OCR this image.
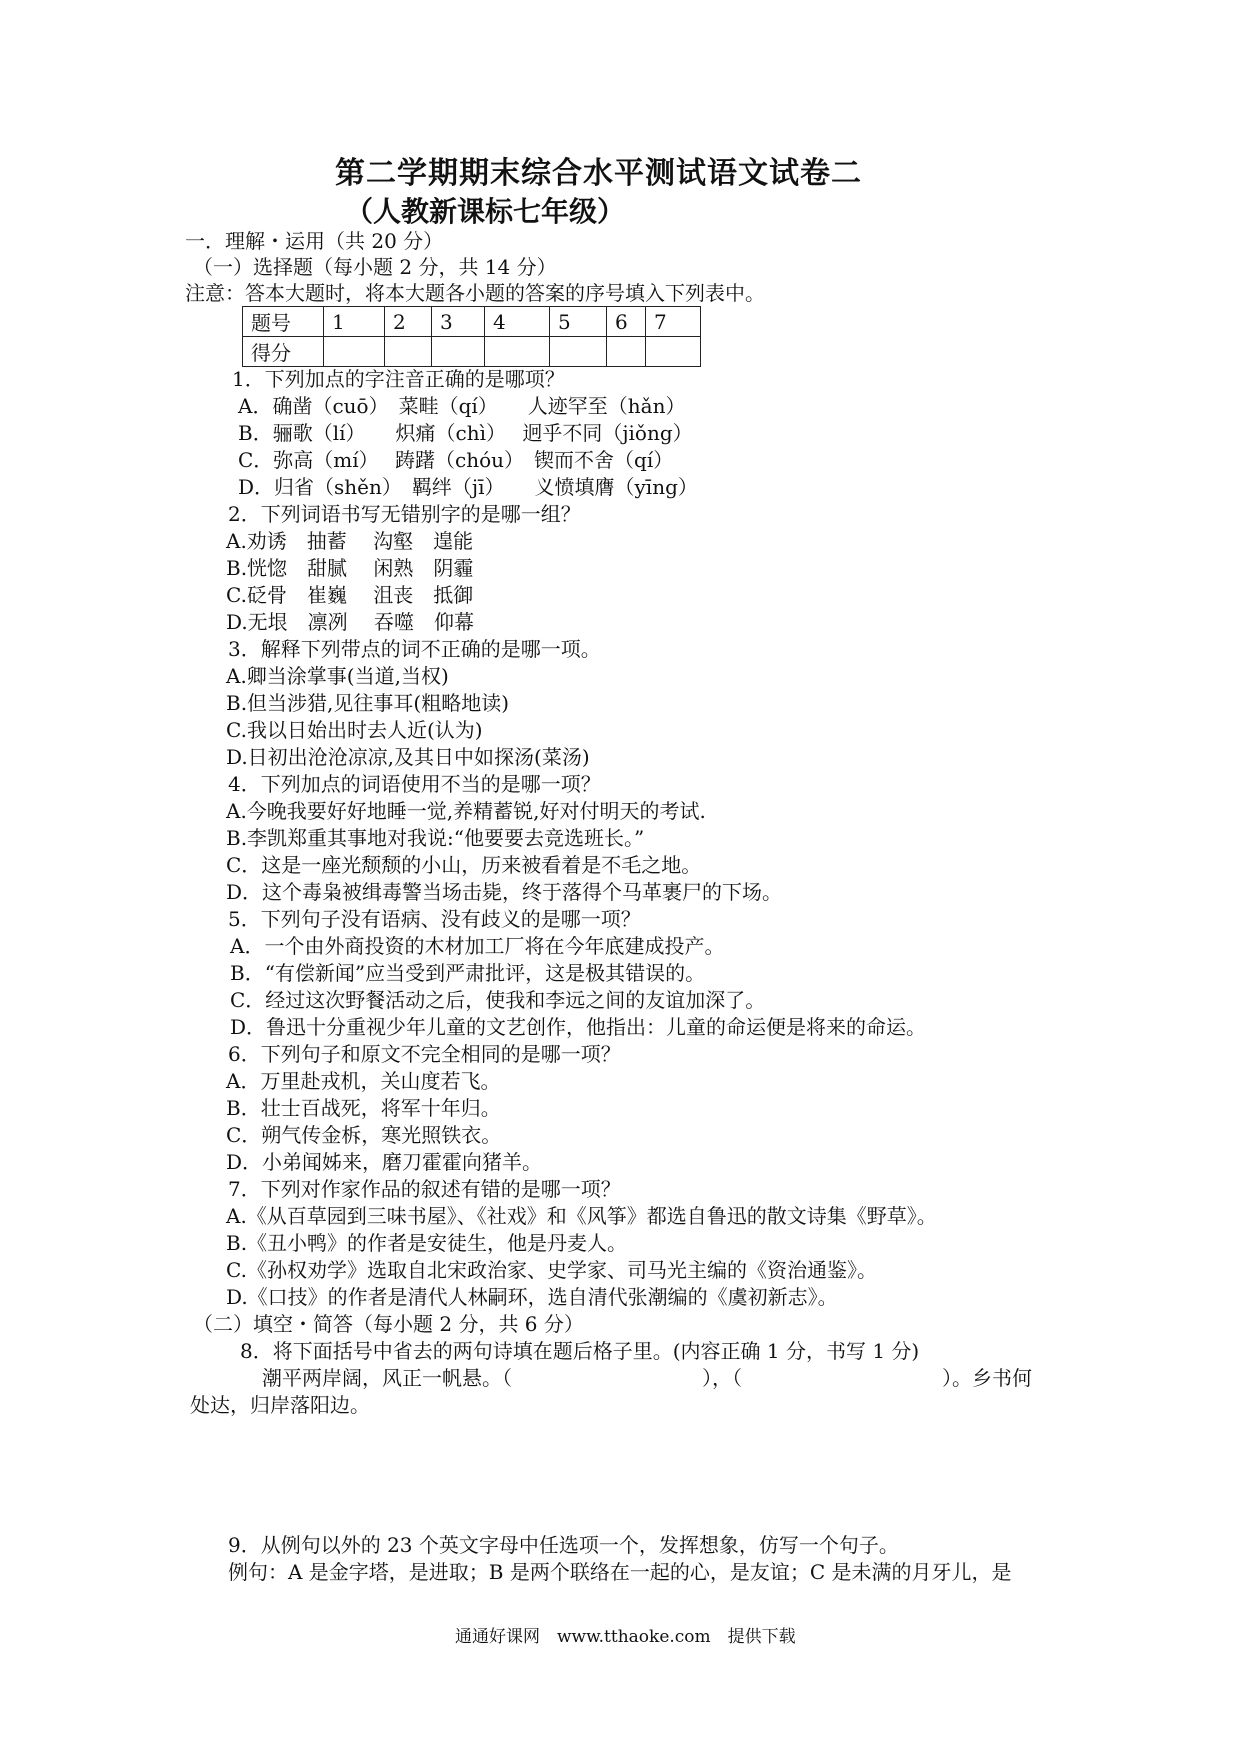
第二学期期末综合水平测试语文试卷二
（人教新课标七年级）
一．理解・运用（共 20 分）
（一）选择题（每小题 2 分，共 14 分）
注意：答本大题时，将本大题各小题的答案的序号填入下列表中。
题号	1	2	3	4	5	6	7
得分							
1．下列加点的字注音正确的是哪项？
A．确凿（cuō）　菜畦（qí）　　人迹罕至（hǎn）
B．骊歌（lí）　　炽痛（chì）　 迥乎不同（jiǒng）
C．弥高（mí）　 踌躇（chóu）　锲而不舍（qí）
D．归省（shěn）　羁绊（jī）　　义愤填膺（yīng）
2．下列词语书写无错别字的是哪一组？
A.劝诱　抽蓄　 沟壑　遑能
B.恍惚　甜腻　 闲熟　阴霾
C.砭骨　崔巍　 沮丧　抵御
D.无垠　凛冽　 吞噬　仰幕
3．解释下列带点的词不正确的是哪一项。
A.卿当涂掌事(当道,当权)
B.但当涉猎,见往事耳(粗略地读)
C.我以日始出时去人近(认为)
D.日初出沧沧凉凉,及其日中如探汤(菜汤)
4．下列加点的词语使用不当的是哪一项？
A.今晚我要好好地睡一觉,养精蓄锐,好对付明天的考试.
B.李凯郑重其事地对我说:“他要要去竞选班长。”
C．这是一座光颓颓的小山，历来被看着是不毛之地。
D．这个毒枭被缉毒警当场击毙，终于落得个马革裹尸的下场。
5．下列句子没有语病、没有歧义的是哪一项？
A．一个由外商投资的木材加工厂将在今年底建成投产。
B．“有偿新闻”应当受到严肃批评，这是极其错误的。
C．经过这次野餐活动之后，使我和李远之间的友谊加深了。
D．鲁迅十分重视少年儿童的文艺创作，他指出：儿童的命运便是将来的命运。
6．下列句子和原文不完全相同的是哪一项？
A．万里赴戎机，关山度若飞。
B．壮士百战死，将军十年归。
C．朔气传金柝，寒光照铁衣。
D．小弟闻姊来，磨刀霍霍向猪羊。
7．下列对作家作品的叙述有错的是哪一项？
A.《从百草园到三味书屋》、《社戏》和《风筝》都选自鲁迅的散文诗集《野草》。
B.《丑小鸭》的作者是安徒生，他是丹麦人。
C.《孙权劝学》选取自北宋政治家、史学家、司马光主编的《资治通鉴》。
D.《口技》的作者是清代人林嗣环，选自清代张潮编的《虞初新志》。
（二）填空・简答（每小题 2 分，共 6 分）
8．将下面括号中省去的两句诗填在题后格子里。(内容正确 1 分，书写 1 分)
潮平两岸阔，风正一帆悬。（	），（	）。乡书何
处达，归岸落阳边。
9．从例句以外的 23 个英文字母中任选项一个，发挥想象，仿写一个句子。
例句：A 是金字塔，是进取；B 是两个联络在一起的心，是友谊；C 是未满的月牙儿，是
通通好课网　www.tthaoke.com　提供下载
